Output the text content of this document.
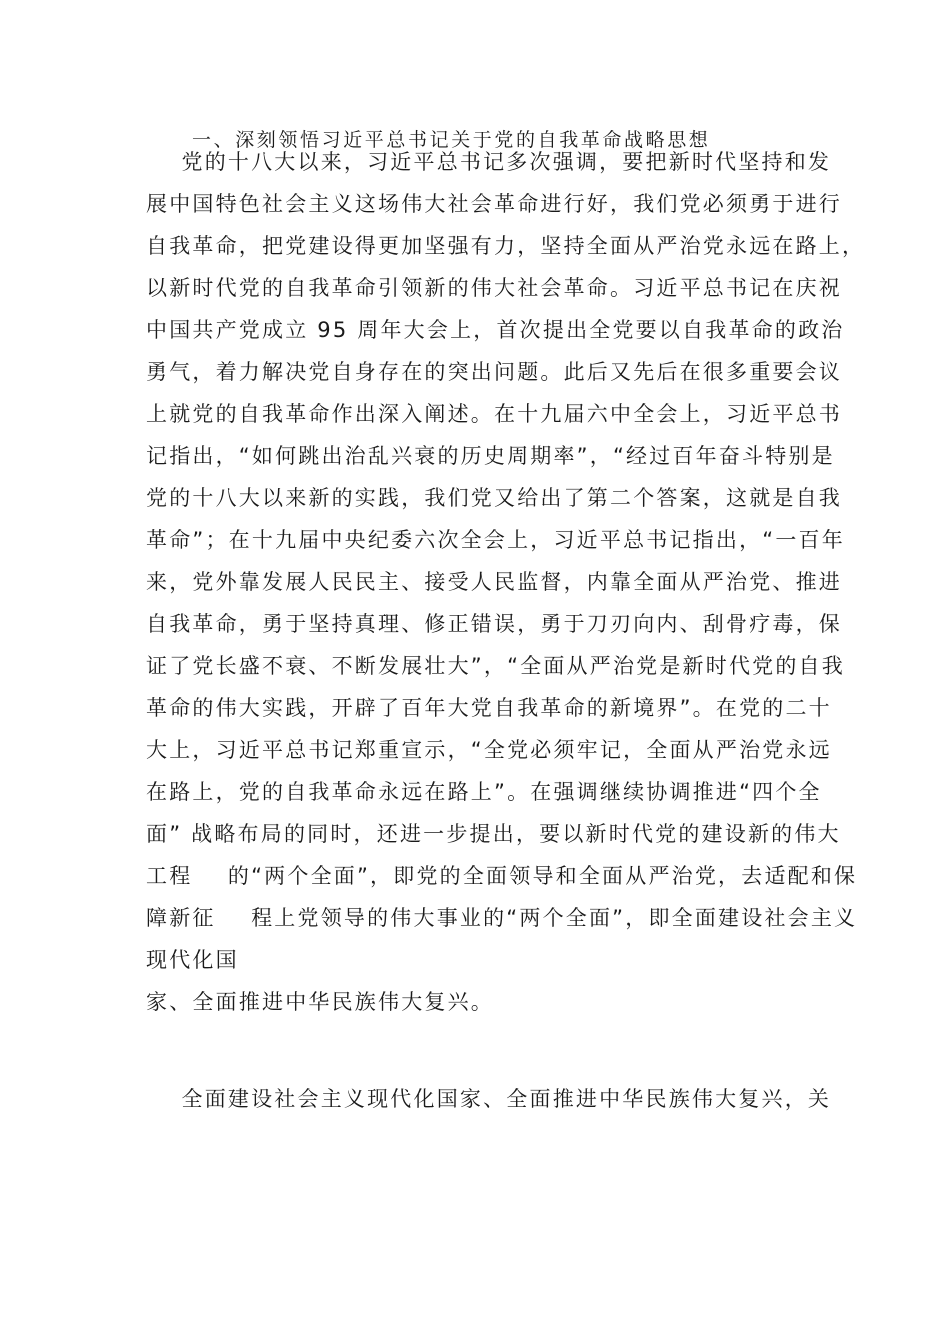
一、深刻领悟习近平总书记关于党的自我革命战略思想
党的十八大以来，习近平总书记多次强调，要把新时代坚持和发
展中国特色社会主义这场伟大社会革命进行好，我们党必须勇于进行
自我革命，把党建设得更加坚强有力，坚持全面从严治党永远在路上，
以新时代党的自我革命引领新的伟大社会革命。习近平总书记在庆祝
中国共产党成立 95 周年大会上，首次提出全党要以自我革命的政治
勇气，着力解决党自身存在的突出问题。此后又先后在很多重要会议
上就党的自我革命作出深入阐述。在十九届六中全会上，习近平总书
记指出，“如何跳出治乱兴衰的历史周期率”，“经过百年奋斗特别是
党的十八大以来新的实践，我们党又给出了第二个答案，这就是自我
革命”；在十九届中央纪委六次全会上，习近平总书记指出，“一百年
来，党外靠发展人民民主、接受人民监督，内靠全面从严治党、推进
自我革命，勇于坚持真理、修正错误，勇于刀刃向内、刮骨疗毒，保
证了党长盛不衰、不断发展壮大”，“全面从严治党是新时代党的自我
革命的伟大实践，开辟了百年大党自我革命的新境界”。在党的二十
大上，习近平总书记郑重宣示，“全党必须牢记，全面从严治党永远
在路上，党的自我革命永远在路上”。在强调继续协调推进“四个全
面” 战略布局的同时，还进一步提出，要以新时代党的建设新的伟大
工程    的“两个全面”，即党的全面领导和全面从严治党，去适配和保
障新征    程上党领导的伟大事业的“两个全面”，即全面建设社会主义
现代化国
家、全面推进中华民族伟大复兴。
全面建设社会主义现代化国家、全面推进中华民族伟大复兴，关
